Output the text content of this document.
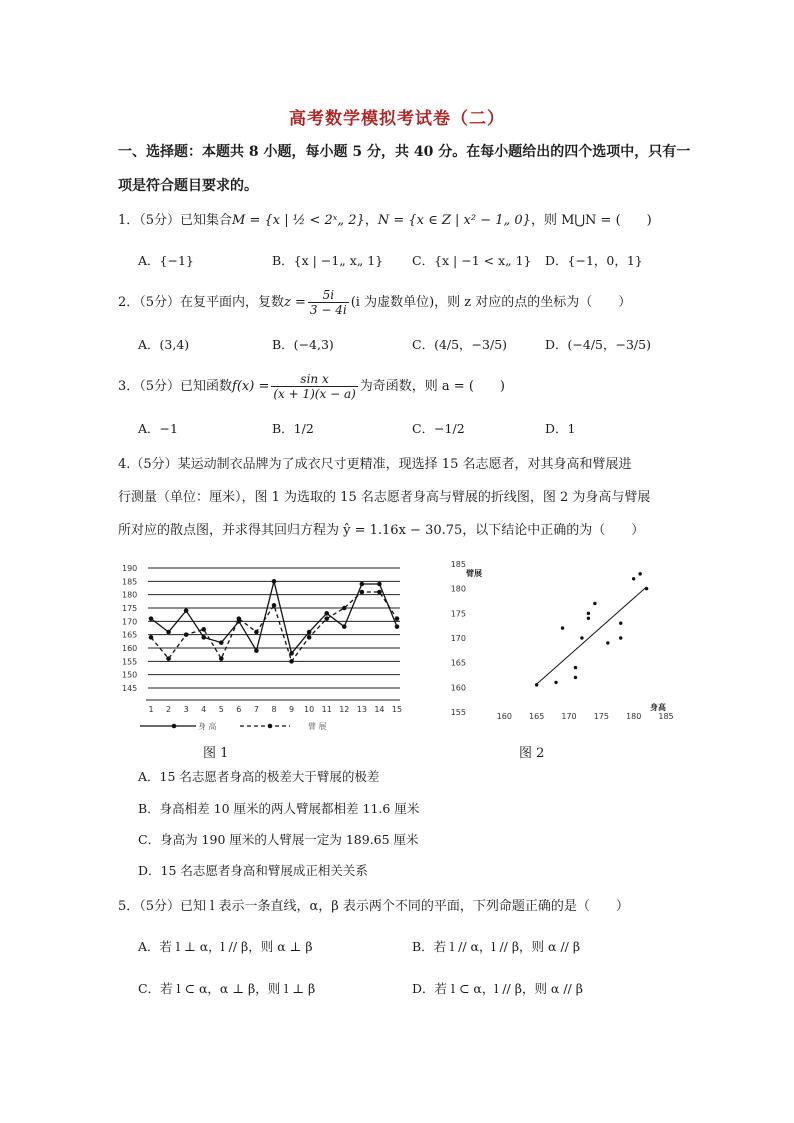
高考数学模拟考试卷（二）
一、选择题：本题共 8 小题，每小题 5 分，共 40 分。在每小题给出的四个选项中，只有一
项是符合题目要求的。
1．（5分）已知集合M = {x | ½ < 2ˣ„ 2}，N = {x ∈ Z | x² − 1„ 0}，则 M⋃N = (　　)
A．{−1}	B．{x | −1„ x„ 1} C．{x | −1 < x„ 1} D．{−1，0，1}
2．（5分）在复平面内，复数$z = \frac{5i}{3 - 4i} (i$ 为虚数单位)，则 z 对应的点的坐标为（　　）
A．(3,4)	B．(−4,3)	C．(4/5，−3/5)	D．(−4/5，−3/5)
3．（5分）已知函数$f(x) = \frac{\text{sin x}}{(x + 1)(x - a)}$ 为奇函数，则 a = (　　)
A．−1	B．1/2	C．−1/2	D．1
4.（5分）某运动制衣品牌为了成衣尺寸更精准，现选择 15 名志愿者，对其身高和臂展进
行测量（单位：厘米），图 1 为选取的 15 名志愿者身高与臂展的折线图，图 2 为身高与臂展
所对应的散点图，并求得其回归方程为 ŷ = 1.16x − 30.75，以下结论中正确的为（　　）
145
150
155
160
165
170
175
180
185
190
1 2 3 4 5 6 7 8 9 10 11 12 13 14 15
身 高	臂 展
图 1
臂展
身高
155
160
165
170
175
180
185
160 165 170 175 180 185
图 2
A．15 名志愿者身高的极差大于臂展的极差
B．身高相差 10 厘米的两人臂展都相差 11.6 厘米
C．身高为 190 厘米的人臂展一定为 189.65 厘米
D．15 名志愿者身高和臂展成正相关关系
5．（5分）已知 l 表示一条直线，α，β 表示两个不同的平面，下列命题正确的是（　　）
A．若 l ⊥ α，l // β，则 α ⊥ β	B．若 l // α，l // β，则 α // β
C．若 l ⊂ α，α ⊥ β，则 l ⊥ β	D．若 l ⊂ α，l // β，则 α // β
